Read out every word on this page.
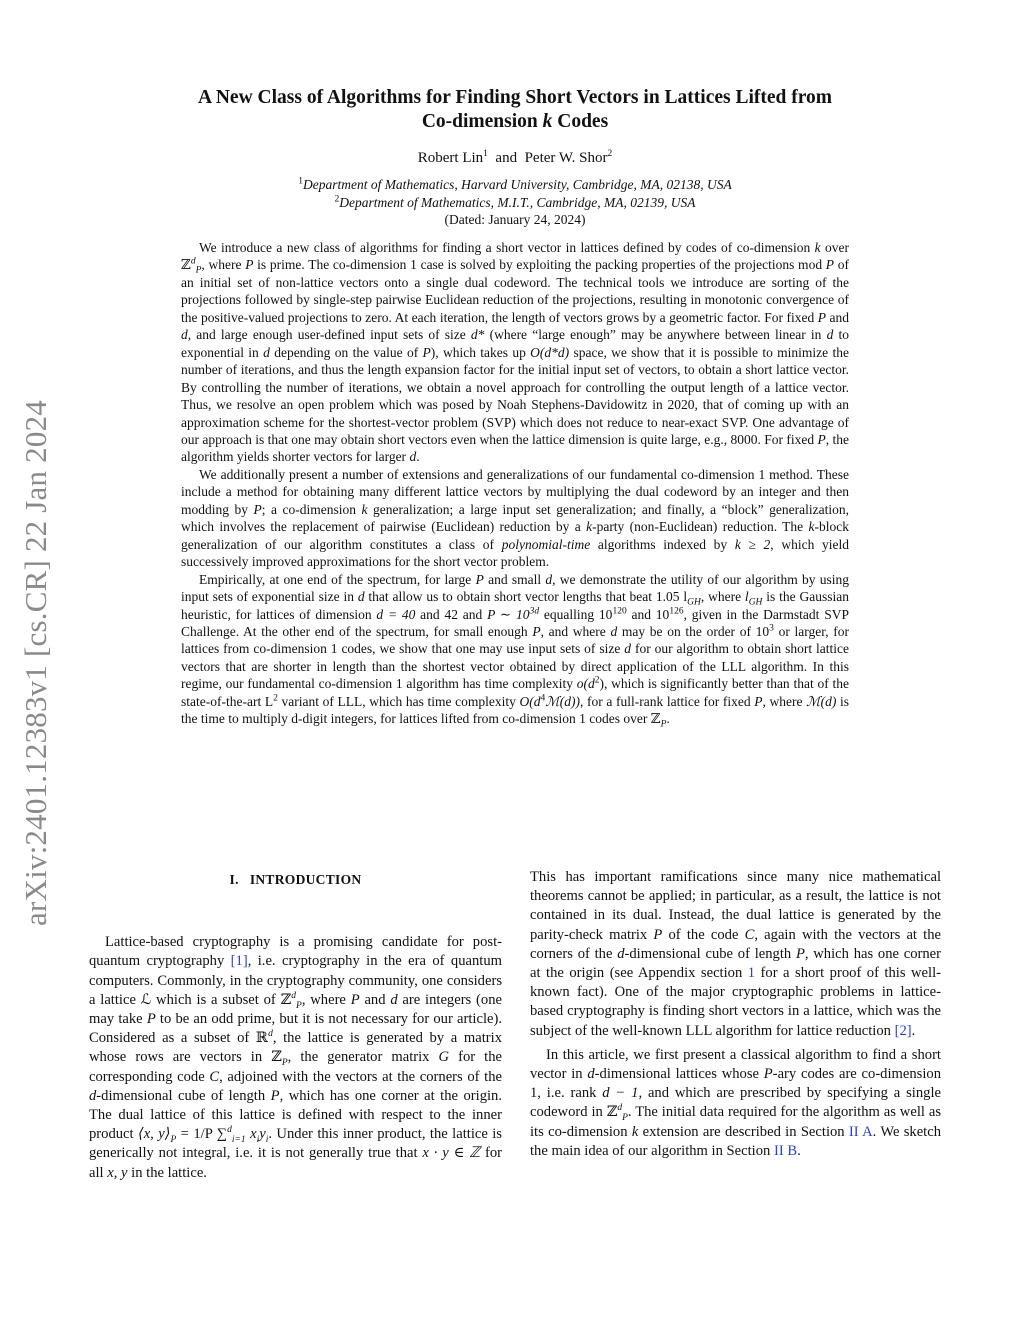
arXiv:2401.12383v1 [cs.CR] 22 Jan 2024
A New Class of Algorithms for Finding Short Vectors in Lattices Lifted from
Co-dimension k Codes
Robert Lin$^1$ and Peter W. Shor$^2$
$^1$Department of Mathematics, Harvard University, Cambridge, MA, 02138, USA
$^2$Department of Mathematics, M.I.T., Cambridge, MA, 02139, USA
(Dated: January 24, 2024)

We introduce a new class of algorithms for finding a short vector in lattices defined by codes of co-dimension k over ℤ$^d_P$, where P is prime. The co-dimension 1 case is solved by exploiting the packing properties of the projections mod P of an initial set of non-lattice vectors onto a single dual codeword. The technical tools we introduce are sorting of the projections followed by single-step pairwise Euclidean reduction of the projections, resulting in monotonic convergence of the positive-valued projections to zero. At each iteration, the length of vectors grows by a geometric factor. For fixed P and d, and large enough user-defined input sets of size d* (where “large enough” may be anywhere between linear in d to exponential in d depending on the value of P), which takes up O(d*d) space, we show that it is possible to minimize the number of iterations, and thus the length expansion factor for the initial input set of vectors, to obtain a short lattice vector. By controlling the number of iterations, we obtain a novel approach for controlling the output length of a lattice vector. Thus, we resolve an open problem which was posed by Noah Stephens-Davidowitz in 2020, that of coming up with an approximation scheme for the shortest-vector problem (SVP) which does not reduce to near-exact SVP. One advantage of our approach is that one may obtain short vectors even when the lattice dimension is quite large, e.g., 8000. For fixed P, the algorithm yields shorter vectors for larger d.

We additionally present a number of extensions and generalizations of our fundamental co-dimension 1 method. These include a method for obtaining many different lattice vectors by multiplying the dual codeword by an integer and then modding by P; a co-dimension k generalization; a large input set generalization; and finally, a “block” generalization, which involves the replacement of pairwise (Euclidean) reduction by a k-party (non-Euclidean) reduction. The k-block generalization of our algorithm constitutes a class of polynomial-time algorithms indexed by k ≥ 2, which yield successively improved approximations for the short vector problem.

Empirically, at one end of the spectrum, for large P and small d, we demonstrate the utility of our algorithm by using input sets of exponential size in d that allow us to obtain short vector lengths that beat 1.05 $l_{GH}$, where $l_{GH}$ is the Gaussian heuristic, for lattices of dimension d = 40 and 42 and P ∼ $10^{3d}$ equalling $10^{120}$ and $10^{126}$, given in the Darmstadt SVP Challenge. At the other end of the spectrum, for small enough P, and where d may be on the order of $10^3$ or larger, for lattices from co-dimension 1 codes, we show that one may use input sets of size d for our algorithm to obtain short lattice vectors that are shorter in length than the shortest vector obtained by direct application of the LLL algorithm. In this regime, our fundamental co-dimension 1 algorithm has time complexity $o(d^2)$, which is significantly better than that of the state-of-the-art $L^2$ variant of LLL, which has time complexity $O(d^4ℳ(d))$, for a full-rank lattice for fixed P, where ℳ(d) is the time to multiply d-digit integers, for lattices lifted from co-dimension 1 codes over ℤ$_P$.

I. INTRODUCTION

Lattice-based cryptography is a promising candidate for post-quantum cryptography [1], i.e. cryptography in the era of quantum computers. Commonly, in the cryptography community, one considers a lattice ℒ which is a subset of ℤ$^d_P$, where P and d are integers (one may take P to be an odd prime, but it is not necessary for our article). Considered as a subset of ℝ$^d$, the lattice is generated by a matrix whose rows are vectors in ℤ$_P$, the generator matrix G for the corresponding code C, adjoined with the vectors at the corners of the d-dimensional cube of length P, which has one corner at the origin. The dual lattice of this lattice is defined with respect to the inner product ⟨x, $y⟩_P = 1/P$ ∑$^d_{i=1}$ $x_iy_i$. Under this inner product, the lattice is generically not integral, i.e. it is not generally true that x · y ∈ ℤ for all x, y in the lattice.

This has important ramifications since many nice mathematical theorems cannot be applied; in particular, as a result, the lattice is not contained in its dual. Instead, the dual lattice is generated by the parity-check matrix P of the code C, again with the vectors at the corners of the d-dimensional cube of length P, which has one corner at the origin (see Appendix section 1 for a short proof of this well-known fact). One of the major cryptographic problems in lattice-based cryptography is finding short vectors in a lattice, which was the subject of the well-known LLL algorithm for lattice reduction [2].

In this article, we first present a classical algorithm to find a short vector in d-dimensional lattices whose P-ary codes are co-dimension 1, i.e. rank d − 1, and which are prescribed by specifying a single codeword in ℤ$^d_P$. The initial data required for the algorithm as well as its co-dimension k extension are described in Section II A. We sketch the main idea of our algorithm in Section II B.
